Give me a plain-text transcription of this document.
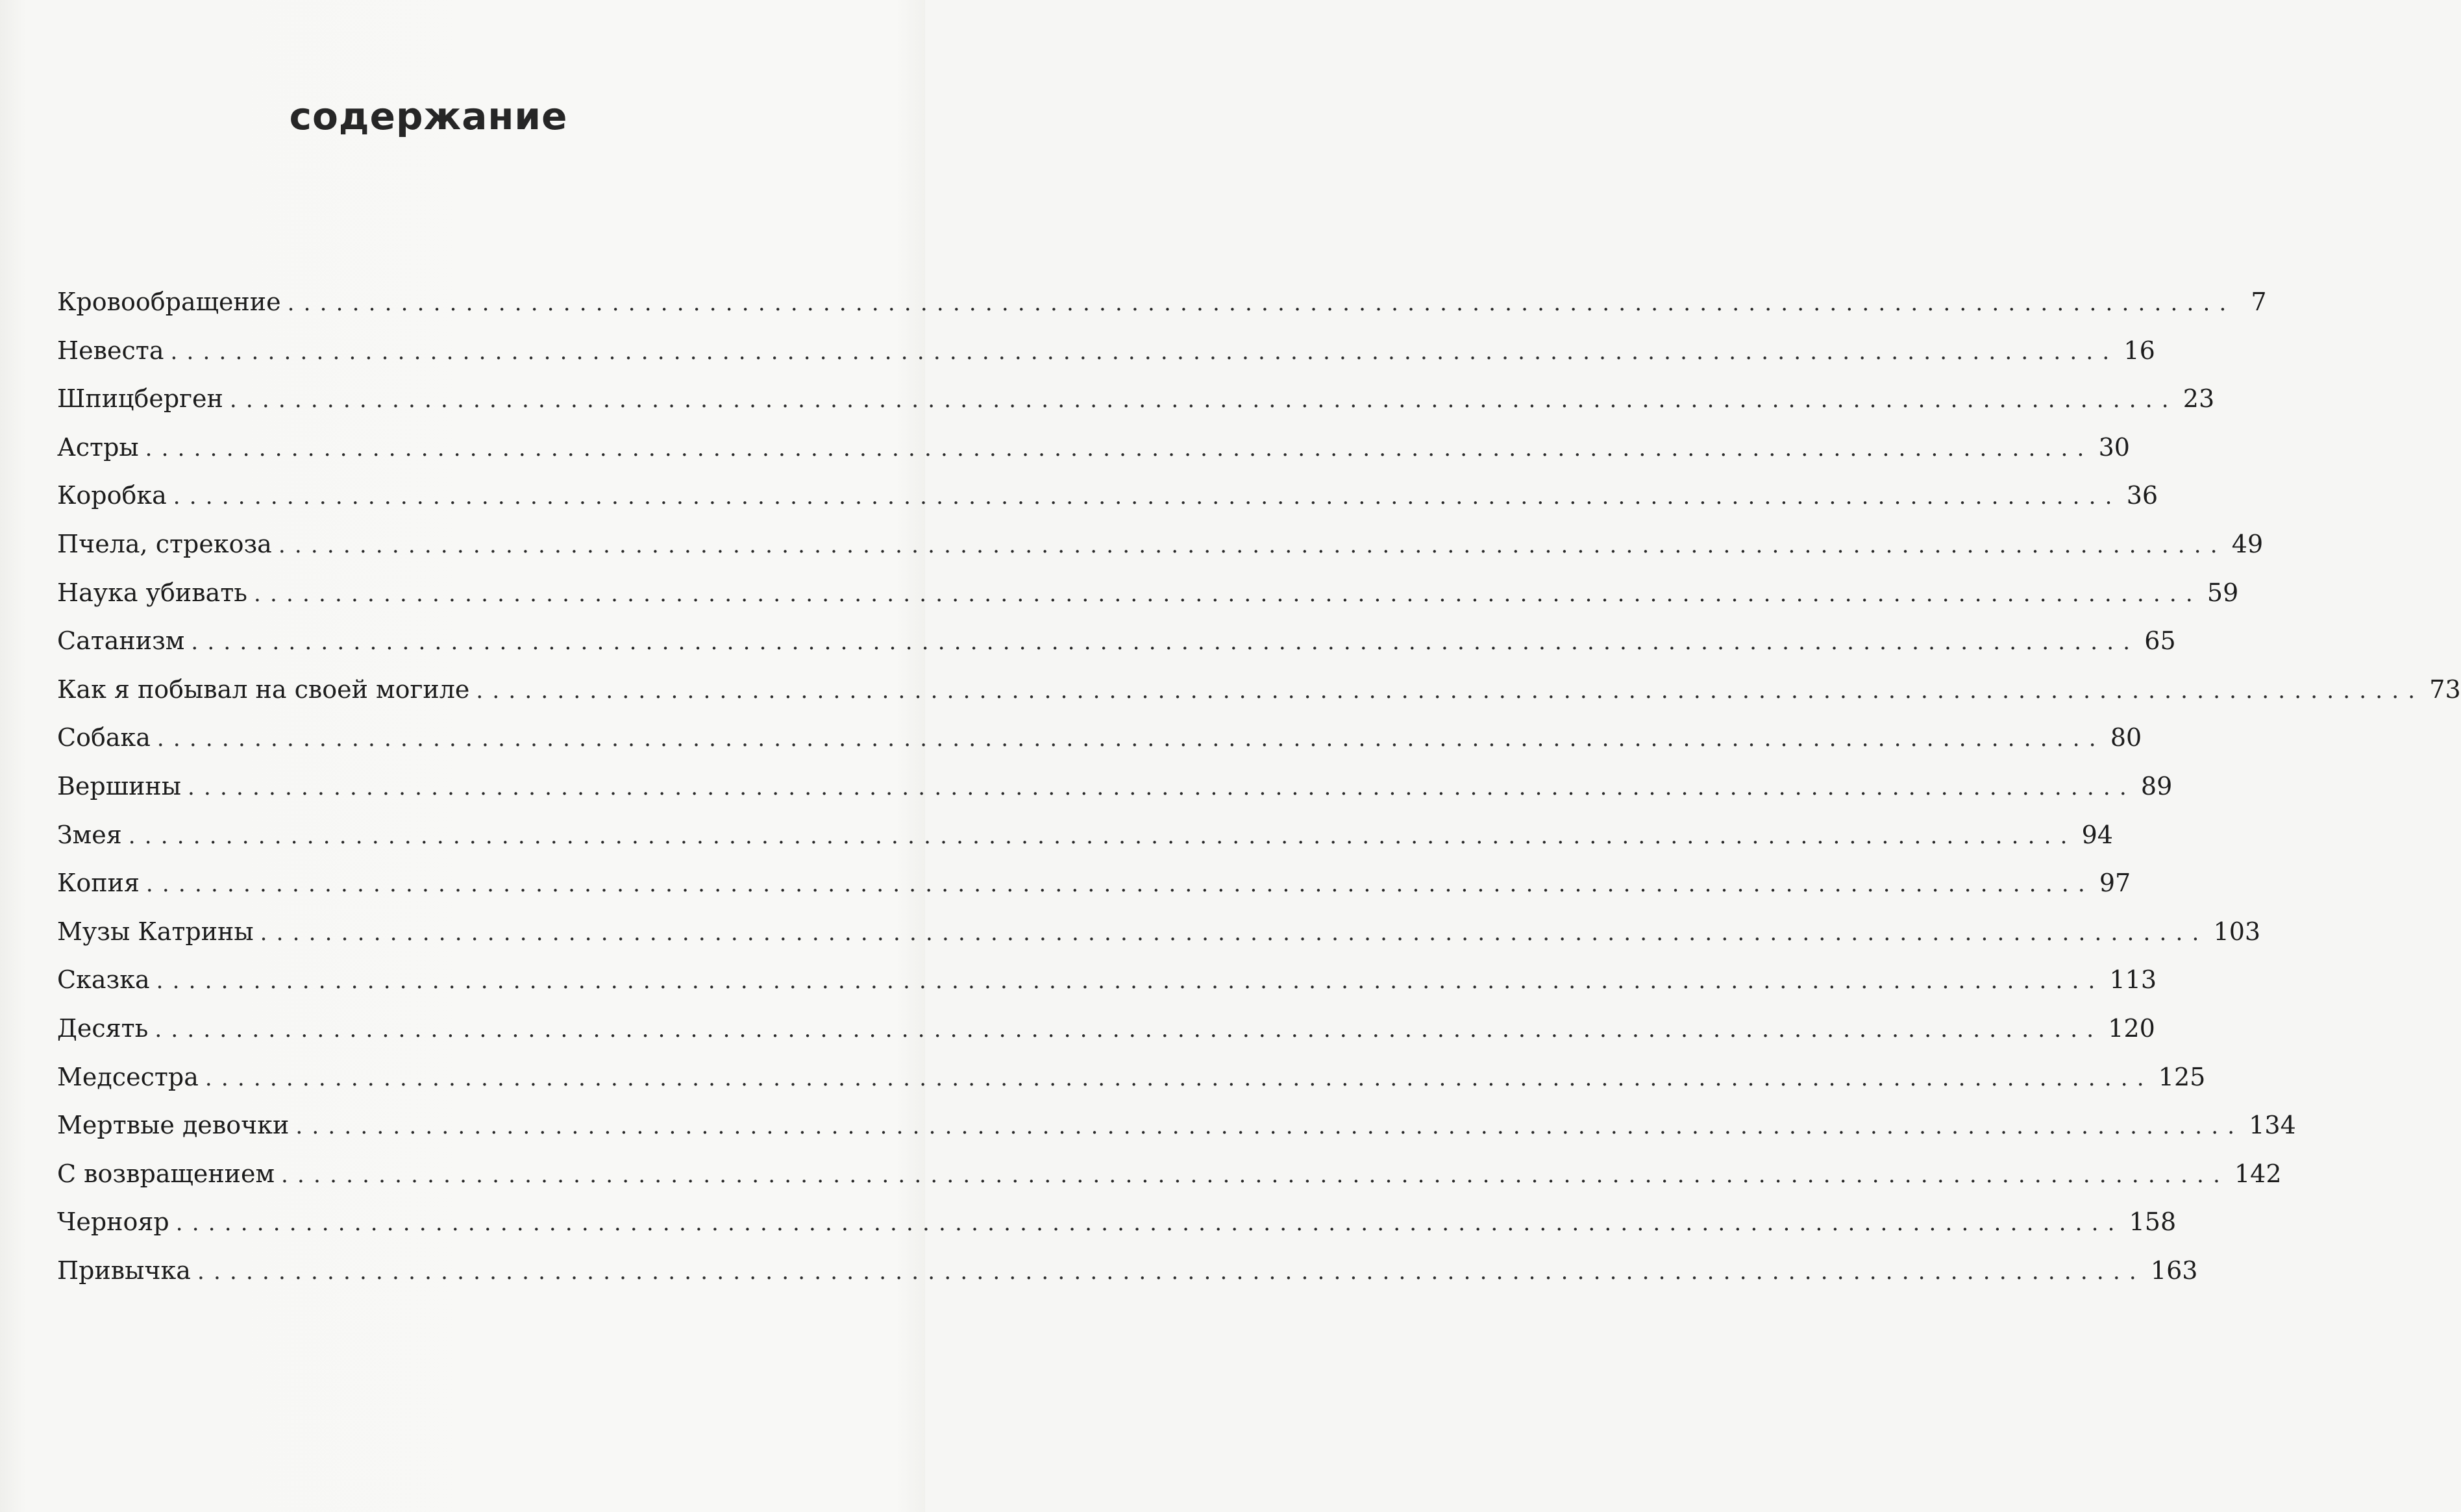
содержание
Кровообращение ........................................................................................................................ 7
Невеста ........................................................................................................................ 16
Шпицберген ........................................................................................................................ 23
Астры ........................................................................................................................ 30
Коробка ........................................................................................................................ 36
Пчела, стрекоза ........................................................................................................................ 49
Наука убивать ........................................................................................................................ 59
Сатанизм ........................................................................................................................ 65
Как я побывал на своей могиле ........................................................................................................................ 73
Собака ........................................................................................................................ 80
Вершины ........................................................................................................................ 89
Змея ........................................................................................................................ 94
Копия ........................................................................................................................ 97
Музы Катрины ........................................................................................................................ 103
Сказка ........................................................................................................................ 113
Десять ........................................................................................................................ 120
Медсестра ........................................................................................................................ 125
Мертвые девочки ........................................................................................................................ 134
С возвращением ........................................................................................................................ 142
Чернояр ........................................................................................................................ 158
Привычка ........................................................................................................................ 163
